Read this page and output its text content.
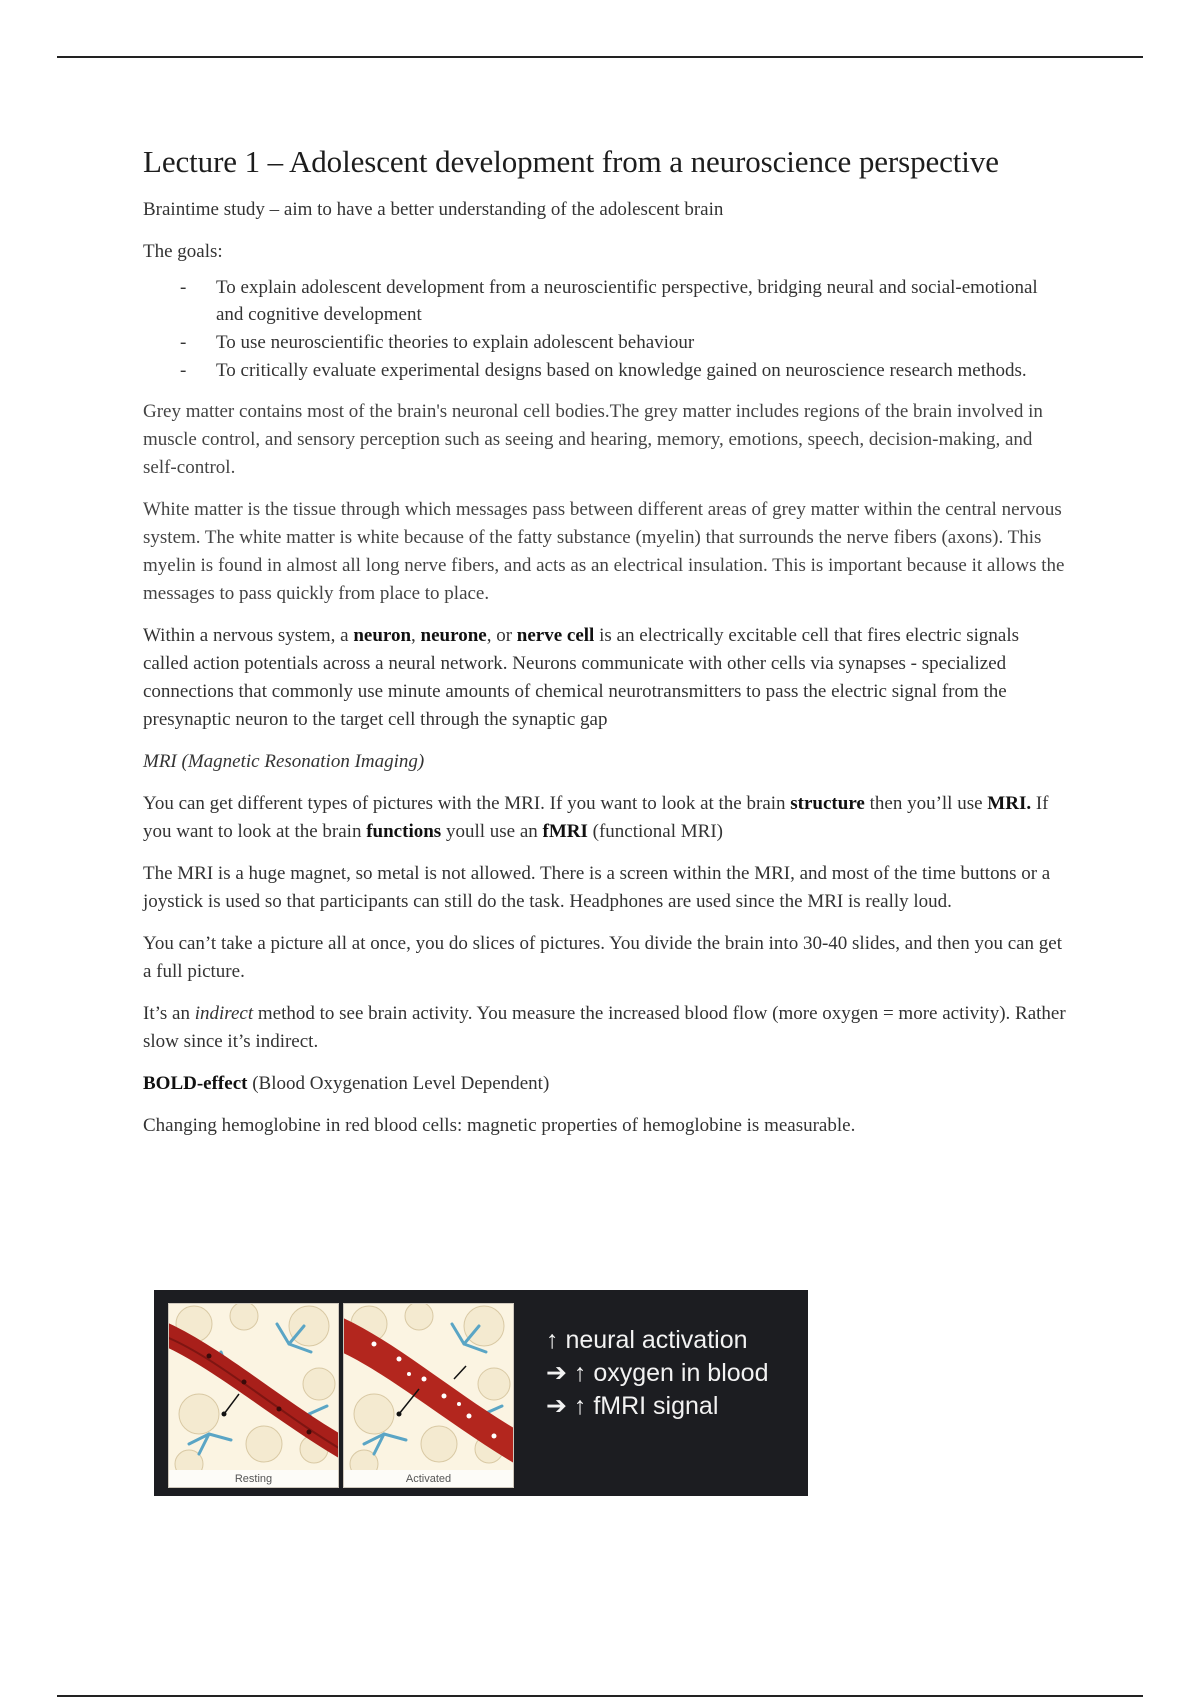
Lecture 1 – Adolescent development from a neuroscience perspective

Braintime study – aim to have a better understanding of the adolescent brain

The goals:

- To explain adolescent development from a neuroscientific perspective, bridging neural and social-emotional and cognitive development
- To use neuroscientific theories to explain adolescent behaviour
- To critically evaluate experimental designs based on knowledge gained on neuroscience research methods.

Grey matter contains most of the brain's neuronal cell bodies.The grey matter includes regions of the brain involved in muscle control, and sensory perception such as seeing and hearing, memory, emotions, speech, decision-making, and self-control.

White matter is the tissue through which messages pass between different areas of grey matter within the central nervous system. The white matter is white because of the fatty substance (myelin) that surrounds the nerve fibers (axons). This myelin is found in almost all long nerve fibers, and acts as an electrical insulation. This is important because it allows the messages to pass quickly from place to place.

Within a nervous system, a neuron, neurone, or nerve cell is an electrically excitable cell that fires electric signals called action potentials across a neural network. Neurons communicate with other cells via synapses - specialized connections that commonly use minute amounts of chemical neurotransmitters to pass the electric signal from the presynaptic neuron to the target cell through the synaptic gap

MRI (Magnetic Resonation Imaging)

You can get different types of pictures with the MRI. If you want to look at the brain structure then you’ll use MRI. If you want to look at the brain functions youll use an fMRI (functional MRI)

The MRI is a huge magnet, so metal is not allowed. There is a screen within the MRI, and most of the time buttons or a joystick is used so that participants can still do the task. Headphones are used since the MRI is really loud.

You can’t take a picture all at once, you do slices of pictures. You divide the brain into 30-40 slides, and then you can get a full picture.

It’s an indirect method to see brain activity. You measure the increased blood flow (more oxygen = more activity). Rather slow since it’s indirect.

BOLD-effect (Blood Oxygenation Level Dependent)

Changing hemoglobine in red blood cells: magnetic properties of hemoglobine is measurable.

Resting	Activated
↑ neural activation
➔ ↑ oxygen in blood
➔ ↑ fMRI signal
